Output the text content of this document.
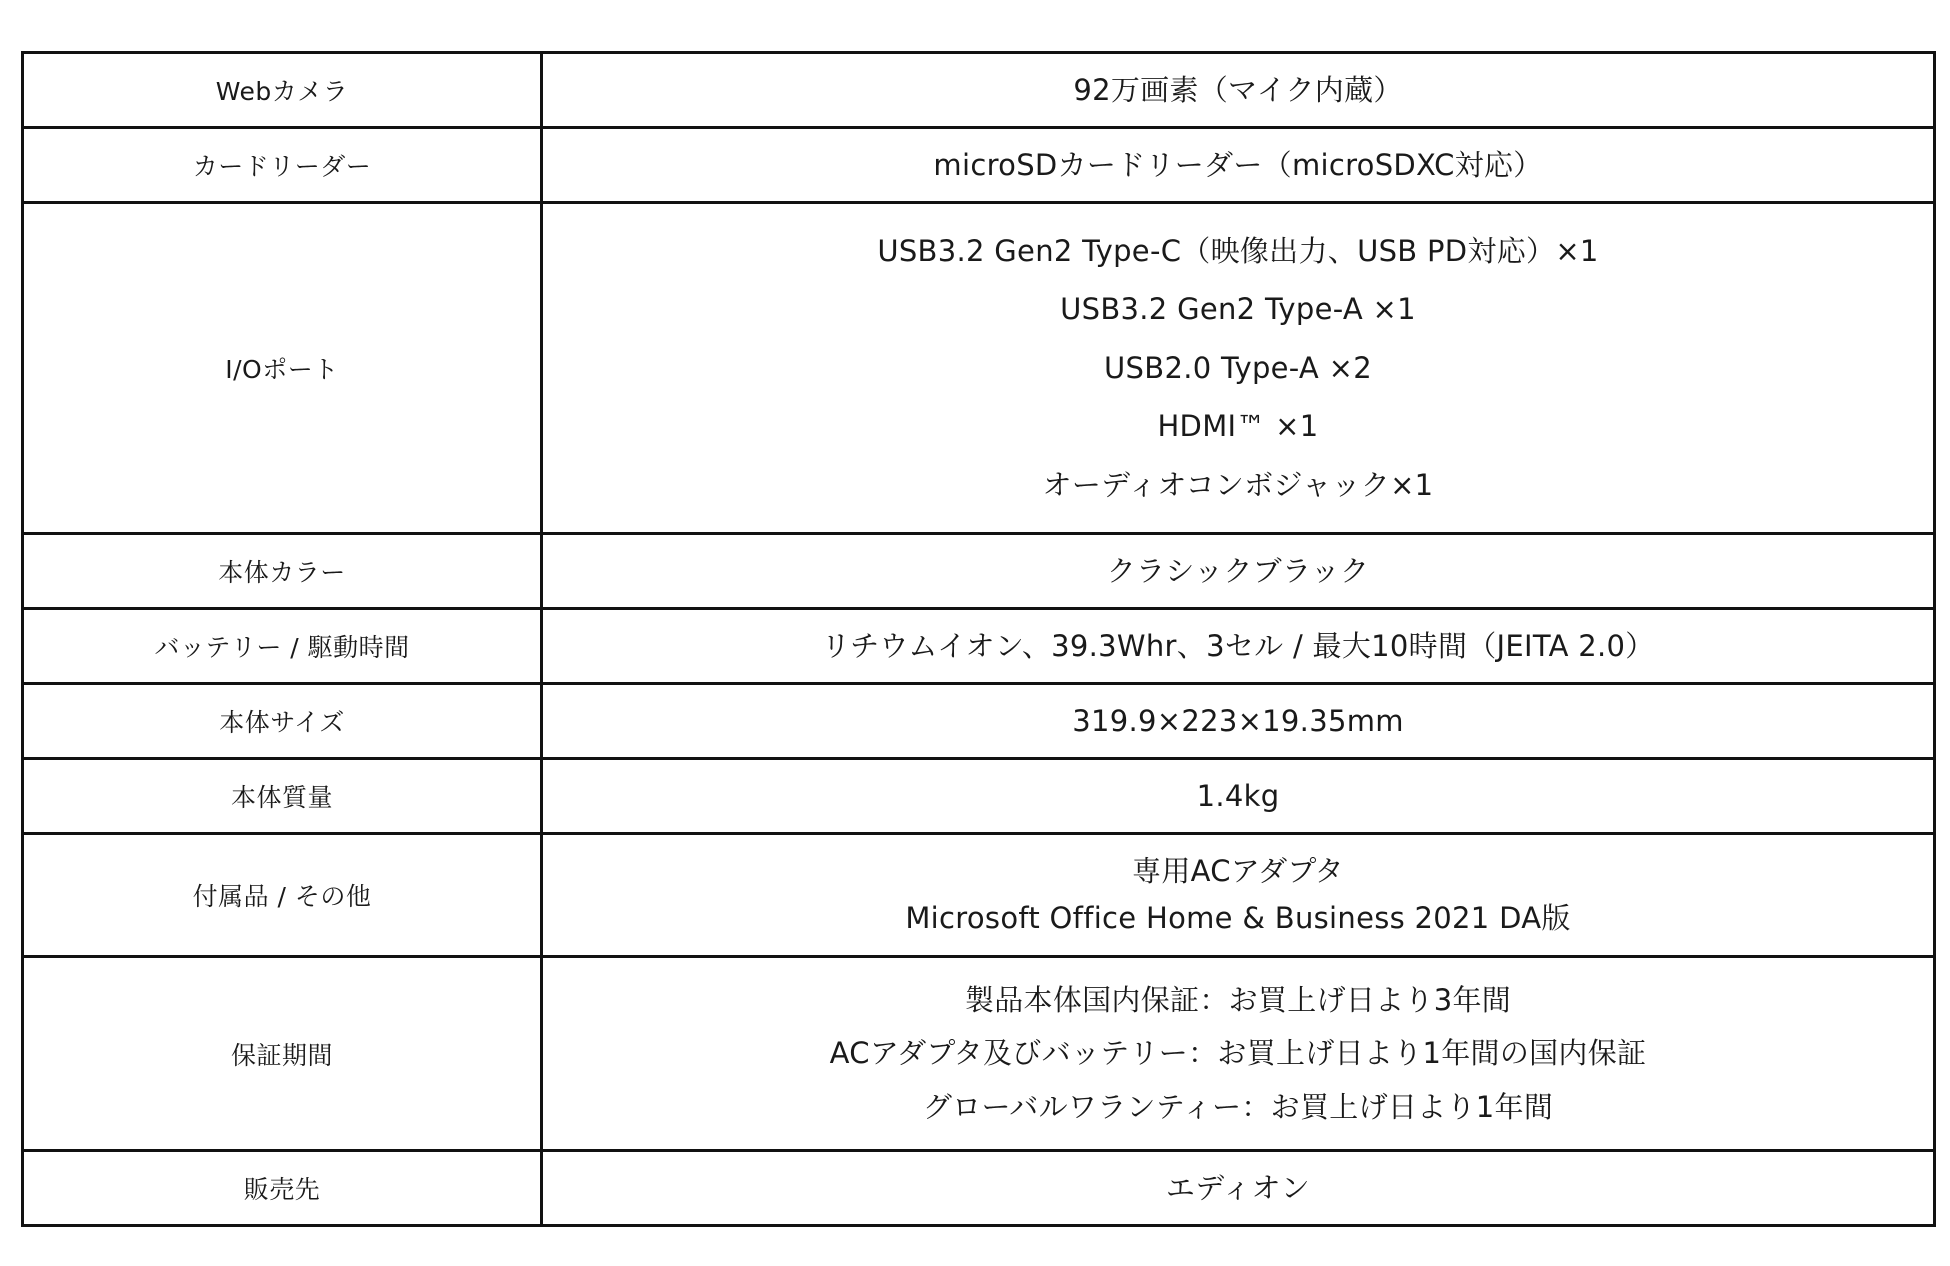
Webカメラ	92万画素（マイク内蔵）

カードリーダー	microSDカードリーダー（microSDXC対応）

I/Oポート	USB3.2 Gen2 Type-C（映像出力、USB PD対応）×1
USB3.2 Gen2 Type-A ×1
USB2.0 Type-A ×2
HDMI™ ×1
オーディオコンボジャック×1

本体カラー	クラシックブラック

バッテリー / 駆動時間	リチウムイオン、39.3Whr、3セル / 最大10時間（JEITA 2.0）

本体サイズ	319.9×223×19.35mm

本体質量	1.4kg

付属品 / その他	専用ACアダプタ
Microsoft Office Home & Business 2021 DA版

保証期間	製品本体国内保証：お買上げ日より3年間
ACアダプタ及びバッテリー：お買上げ日より1年間の国内保証
グローバルワランティー：お買上げ日より1年間

販売先	エディオン
